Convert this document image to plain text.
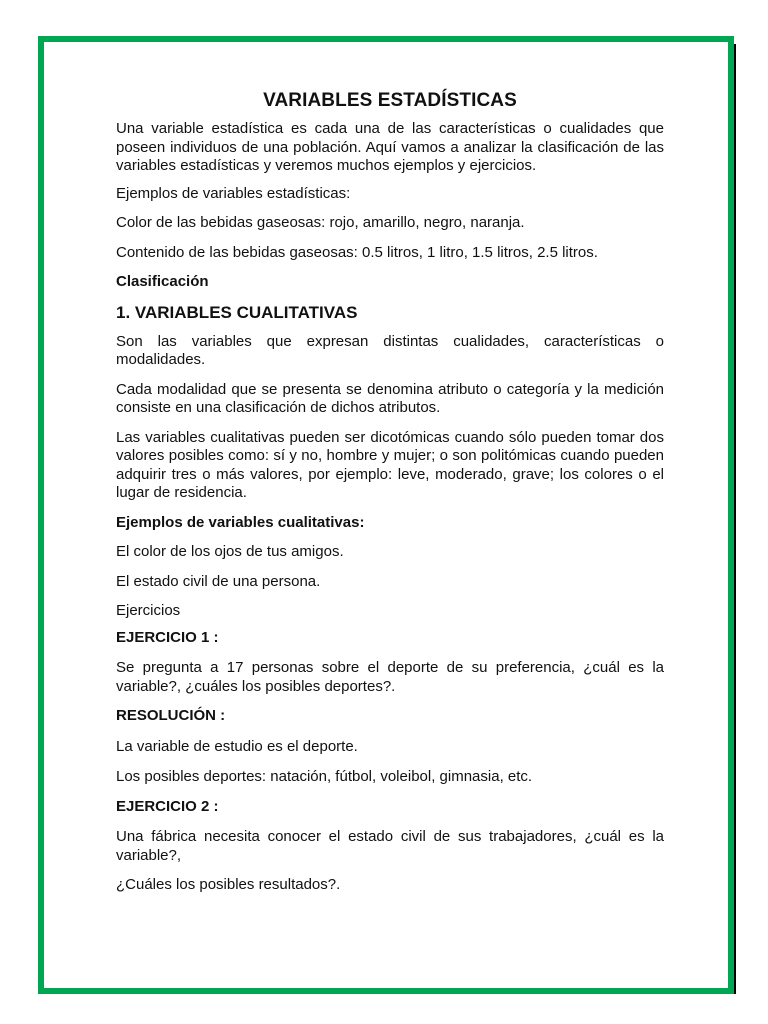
VARIABLES ESTADÍSTICAS

Una variable estadística es cada una de las características o cualidades que poseen individuos de una población. Aquí vamos a analizar la clasificación de las variables estadísticas y veremos muchos ejemplos y ejercicios.

Ejemplos de variables estadísticas:

Color de las bebidas gaseosas: rojo, amarillo, negro, naranja.

Contenido de las bebidas gaseosas: 0.5 litros, 1 litro, 1.5 litros, 2.5 litros.

Clasificación

1. VARIABLES CUALITATIVAS

Son las variables que expresan distintas cualidades, características o modalidades.

Cada modalidad que se presenta se denomina atributo o categoría y la medición consiste en una clasificación de dichos atributos.

Las variables cualitativas pueden ser dicotómicas cuando sólo pueden tomar dos valores posibles como: sí y no, hombre y mujer; o son politómicas cuando pueden adquirir tres o más valores, por ejemplo: leve, moderado, grave; los colores o el lugar de residencia.

Ejemplos de variables cualitativas:

El color de los ojos de tus amigos.

El estado civil de una persona.

Ejercicios

EJERCICIO 1 :

Se pregunta a 17 personas sobre el deporte de su preferencia, ¿cuál es la variable?, ¿cuáles los posibles deportes?.

RESOLUCIÓN :

La variable de estudio es el deporte.

Los posibles deportes: natación, fútbol, voleibol, gimnasia, etc.

EJERCICIO 2 :

Una fábrica necesita conocer el estado civil de sus trabajadores, ¿cuál es la variable?,

¿Cuáles los posibles resultados?.
